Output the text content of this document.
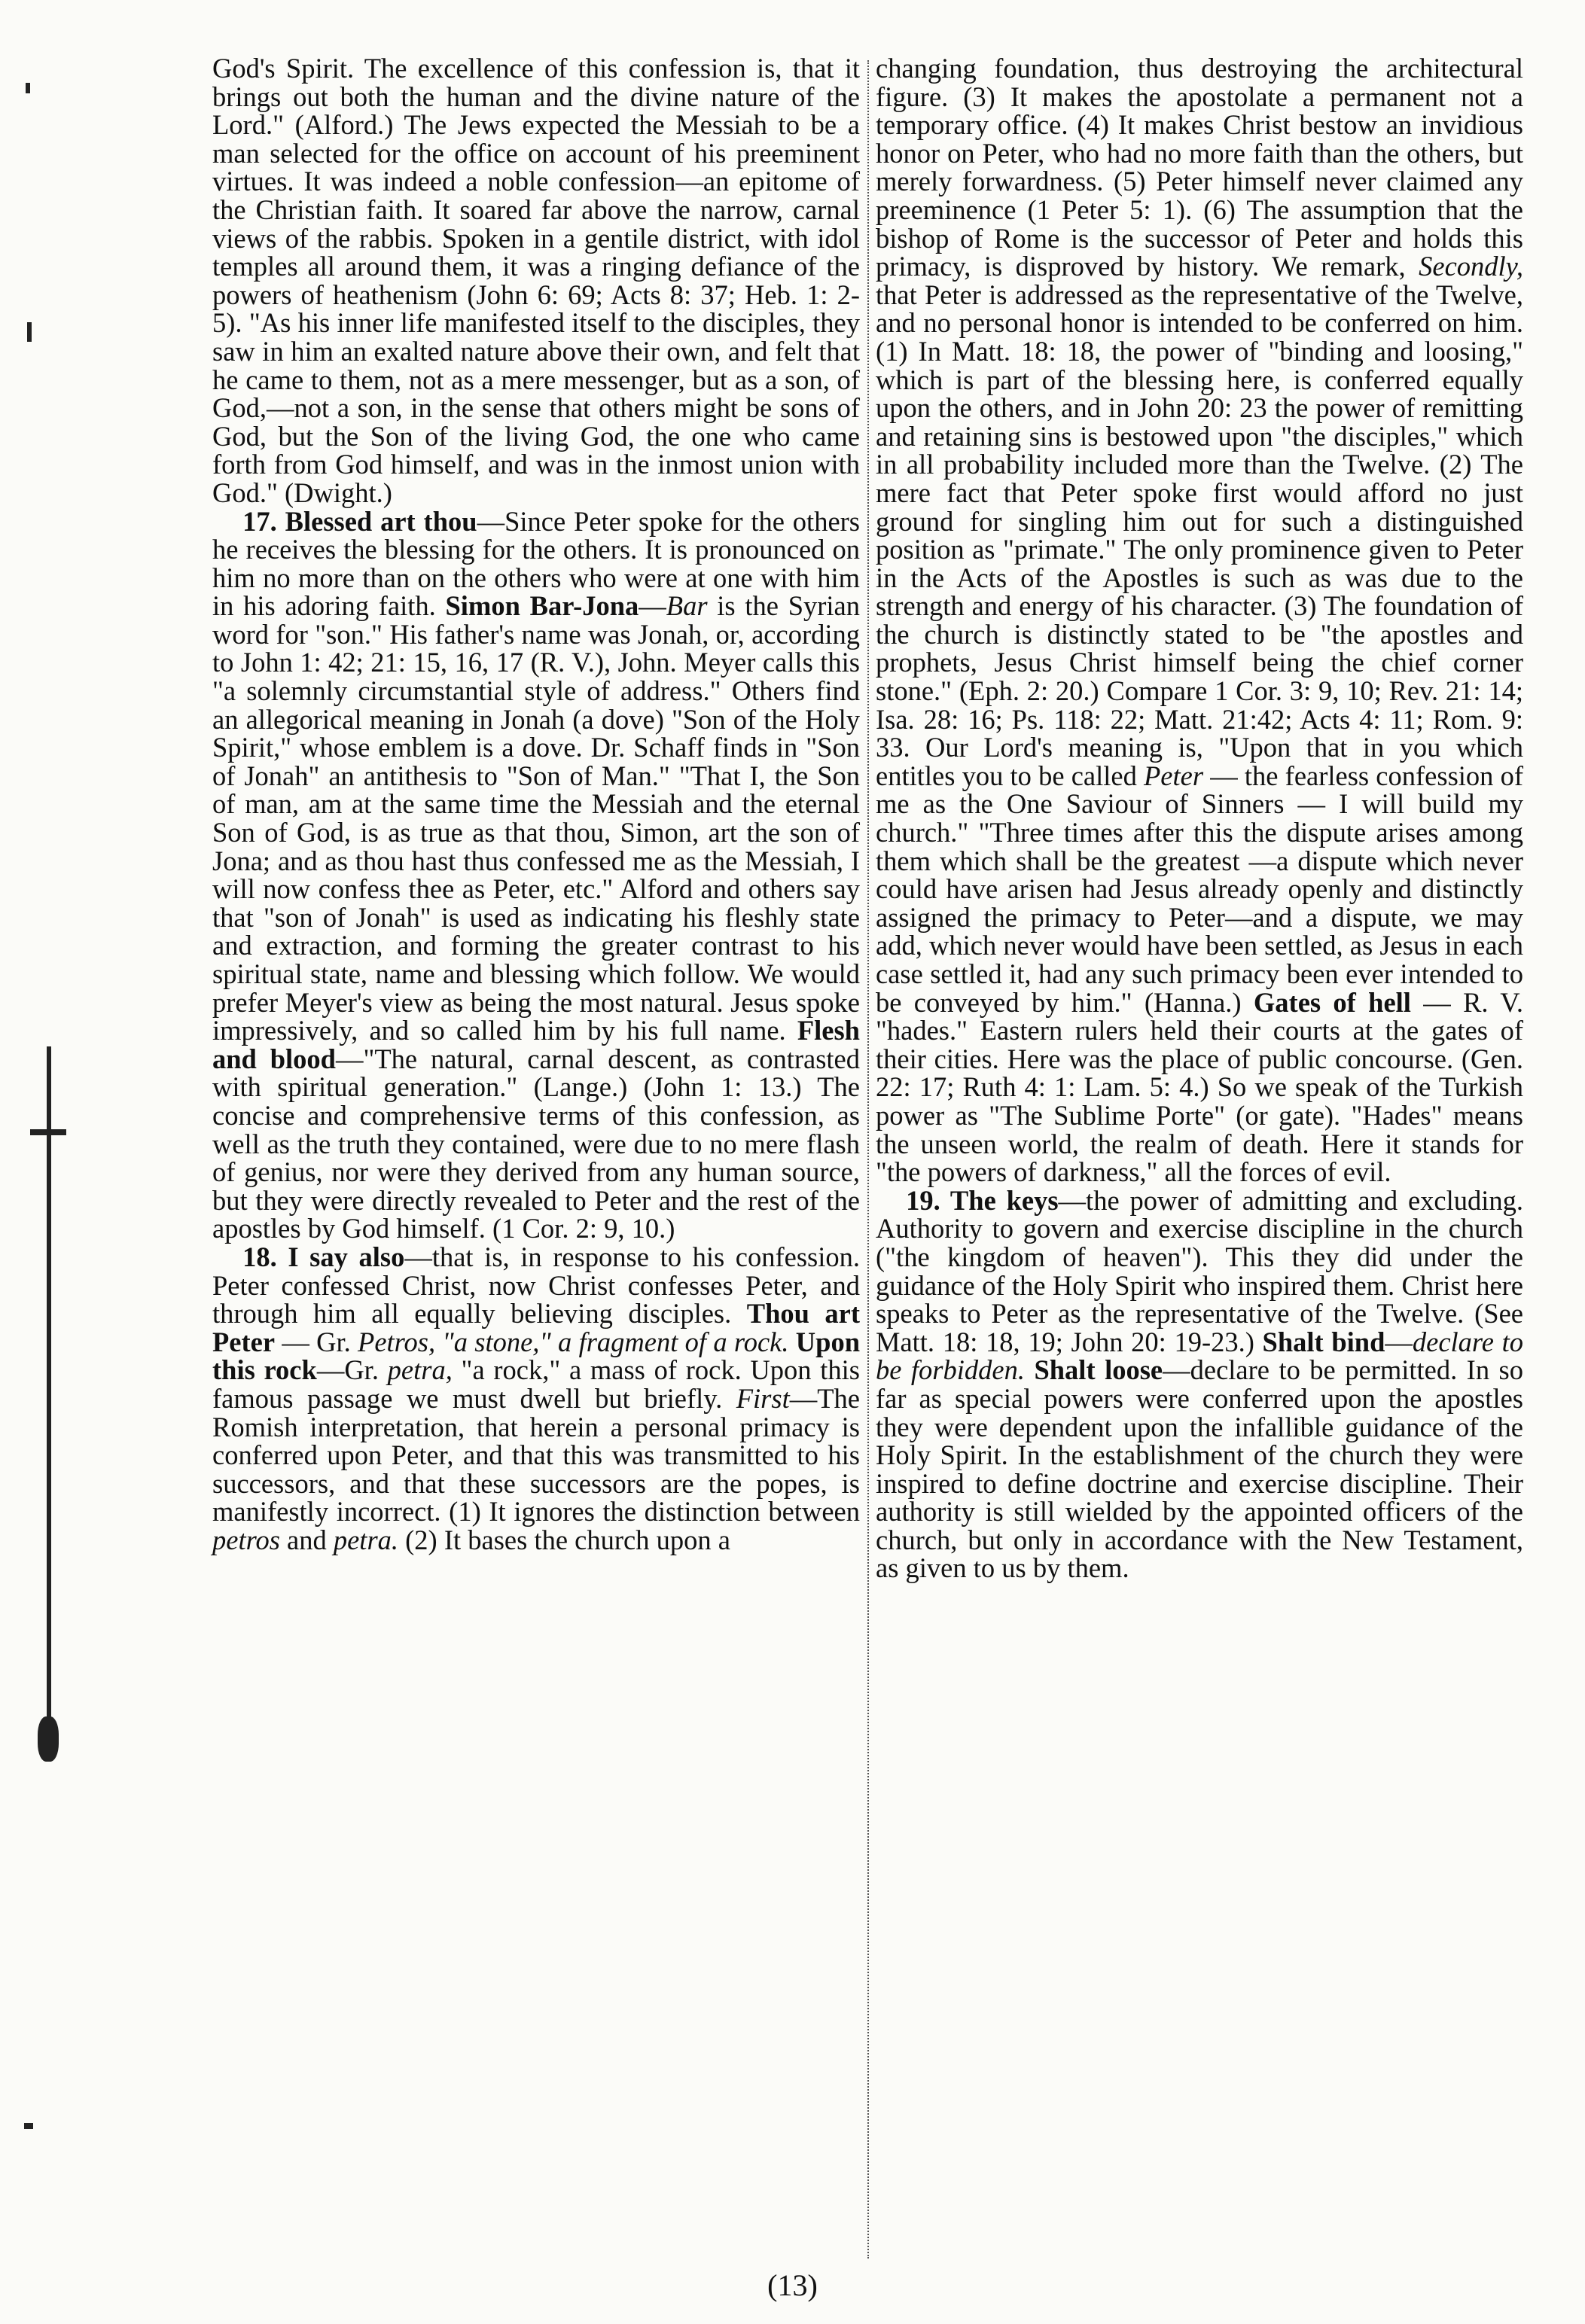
God's Spirit. The excellence of this confession is, that it brings out both the human and the divine nature of the Lord." (Alford.) The Jews expected the Messiah to be a man selected for the office on account of his preeminent virtues. It was indeed a noble confession—an epitome of the Christian faith. It soared far above the narrow, carnal views of the rabbis. Spoken in a gentile district, with idol temples all around them, it was a ringing defiance of the powers of heathenism (John 6: 69; Acts 8: 37; Heb. 1: 2-5). "As his inner life manifested itself to the disciples, they saw in him an exalted nature above their own, and felt that he came to them, not as a mere messenger, but as a son, of God,—not a son, in the sense that others might be sons of God, but the Son of the living God, the one who came forth from God himself, and was in the inmost union with God." (Dwight.)

17. Blessed art thou—Since Peter spoke for the others he receives the blessing for the others. It is pronounced on him no more than on the others who were at one with him in his adoring faith. Simon Bar-Jona—Bar is the Syrian word for "son." His father's name was Jonah, or, according to John 1: 42; 21: 15, 16, 17 (R. V.), John. Meyer calls this "a solemnly circumstantial style of address." Others find an allegorical meaning in Jonah (a dove) "Son of the Holy Spirit," whose emblem is a dove. Dr. Schaff finds in "Son of Jonah" an antithesis to "Son of Man." "That I, the Son of man, am at the same time the Messiah and the eternal Son of God, is as true as that thou, Simon, art the son of Jona; and as thou hast thus confessed me as the Messiah, I will now confess thee as Peter, etc." Alford and others say that "son of Jonah" is used as indicating his fleshly state and extraction, and forming the greater contrast to his spiritual state, name and blessing which follow. We would prefer Meyer's view as being the most natural. Jesus spoke impressively, and so called him by his full name. Flesh and blood—"The natural, carnal descent, as contrasted with spiritual generation." (Lange.) (John 1: 13.) The concise and comprehensive terms of this confession, as well as the truth they contained, were due to no mere flash of genius, nor were they derived from any human source, but they were directly revealed to Peter and the rest of the apostles by God himself. (1 Cor. 2: 9, 10.)

18. I say also—that is, in response to his confession. Peter confessed Christ, now Christ confesses Peter, and through him all equally believing disciples. Thou art Peter — Gr. Petros, "a stone," a fragment of a rock. Upon this rock—Gr. petra, "a rock," a mass of rock. Upon this famous passage we must dwell but briefly. First—The Romish interpretation, that herein a personal primacy is conferred upon Peter, and that this was transmitted to his successors, and that these successors are the popes, is manifestly incorrect. (1) It ignores the distinction between petros and petra. (2) It bases the church upon a

changing foundation, thus destroying the architectural figure. (3) It makes the apostolate a permanent not a temporary office. (4) It makes Christ bestow an invidious honor on Peter, who had no more faith than the others, but merely forwardness. (5) Peter himself never claimed any preeminence (1 Peter 5: 1). (6) The assumption that the bishop of Rome is the successor of Peter and holds this primacy, is disproved by history. We remark, Secondly, that Peter is addressed as the representative of the Twelve, and no personal honor is intended to be conferred on him. (1) In Matt. 18: 18, the power of "binding and loosing," which is part of the blessing here, is conferred equally upon the others, and in John 20: 23 the power of remitting and retaining sins is bestowed upon "the disciples," which in all probability included more than the Twelve. (2) The mere fact that Peter spoke first would afford no just ground for singling him out for such a distinguished position as "primate." The only prominence given to Peter in the Acts of the Apostles is such as was due to the strength and energy of his character. (3) The foundation of the church is distinctly stated to be "the apostles and prophets, Jesus Christ himself being the chief corner stone." (Eph. 2: 20.) Compare 1 Cor. 3: 9, 10; Rev. 21: 14; Isa. 28: 16; Ps. 118: 22; Matt. 21:42; Acts 4: 11; Rom. 9: 33. Our Lord's meaning is, "Upon that in you which entitles you to be called Peter — the fearless confession of me as the One Saviour of Sinners — I will build my church." "Three times after this the dispute arises among them which shall be the greatest —a dispute which never could have arisen had Jesus already openly and distinctly assigned the primacy to Peter—and a dispute, we may add, which never would have been settled, as Jesus in each case settled it, had any such primacy been ever intended to be conveyed by him." (Hanna.) Gates of hell — R. V. "hades." Eastern rulers held their courts at the gates of their cities. Here was the place of public concourse. (Gen. 22: 17; Ruth 4: 1: Lam. 5: 4.) So we speak of the Turkish power as "The Sublime Porte" (or gate). "Hades" means the unseen world, the realm of death. Here it stands for "the powers of darkness," all the forces of evil.

19. The keys—the power of admitting and excluding. Authority to govern and exercise discipline in the church ("the kingdom of heaven"). This they did under the guidance of the Holy Spirit who inspired them. Christ here speaks to Peter as the representative of the Twelve. (See Matt. 18: 18, 19; John 20: 19-23.) Shalt bind—declare to be forbidden. Shalt loose—declare to be permitted. In so far as special powers were conferred upon the apostles they were dependent upon the infallible guidance of the Holy Spirit. In the establishment of the church they were inspired to define doctrine and exercise discipline. Their authority is still wielded by the appointed officers of the church, but only in accordance with the New Testament, as given to us by them.

(13)
